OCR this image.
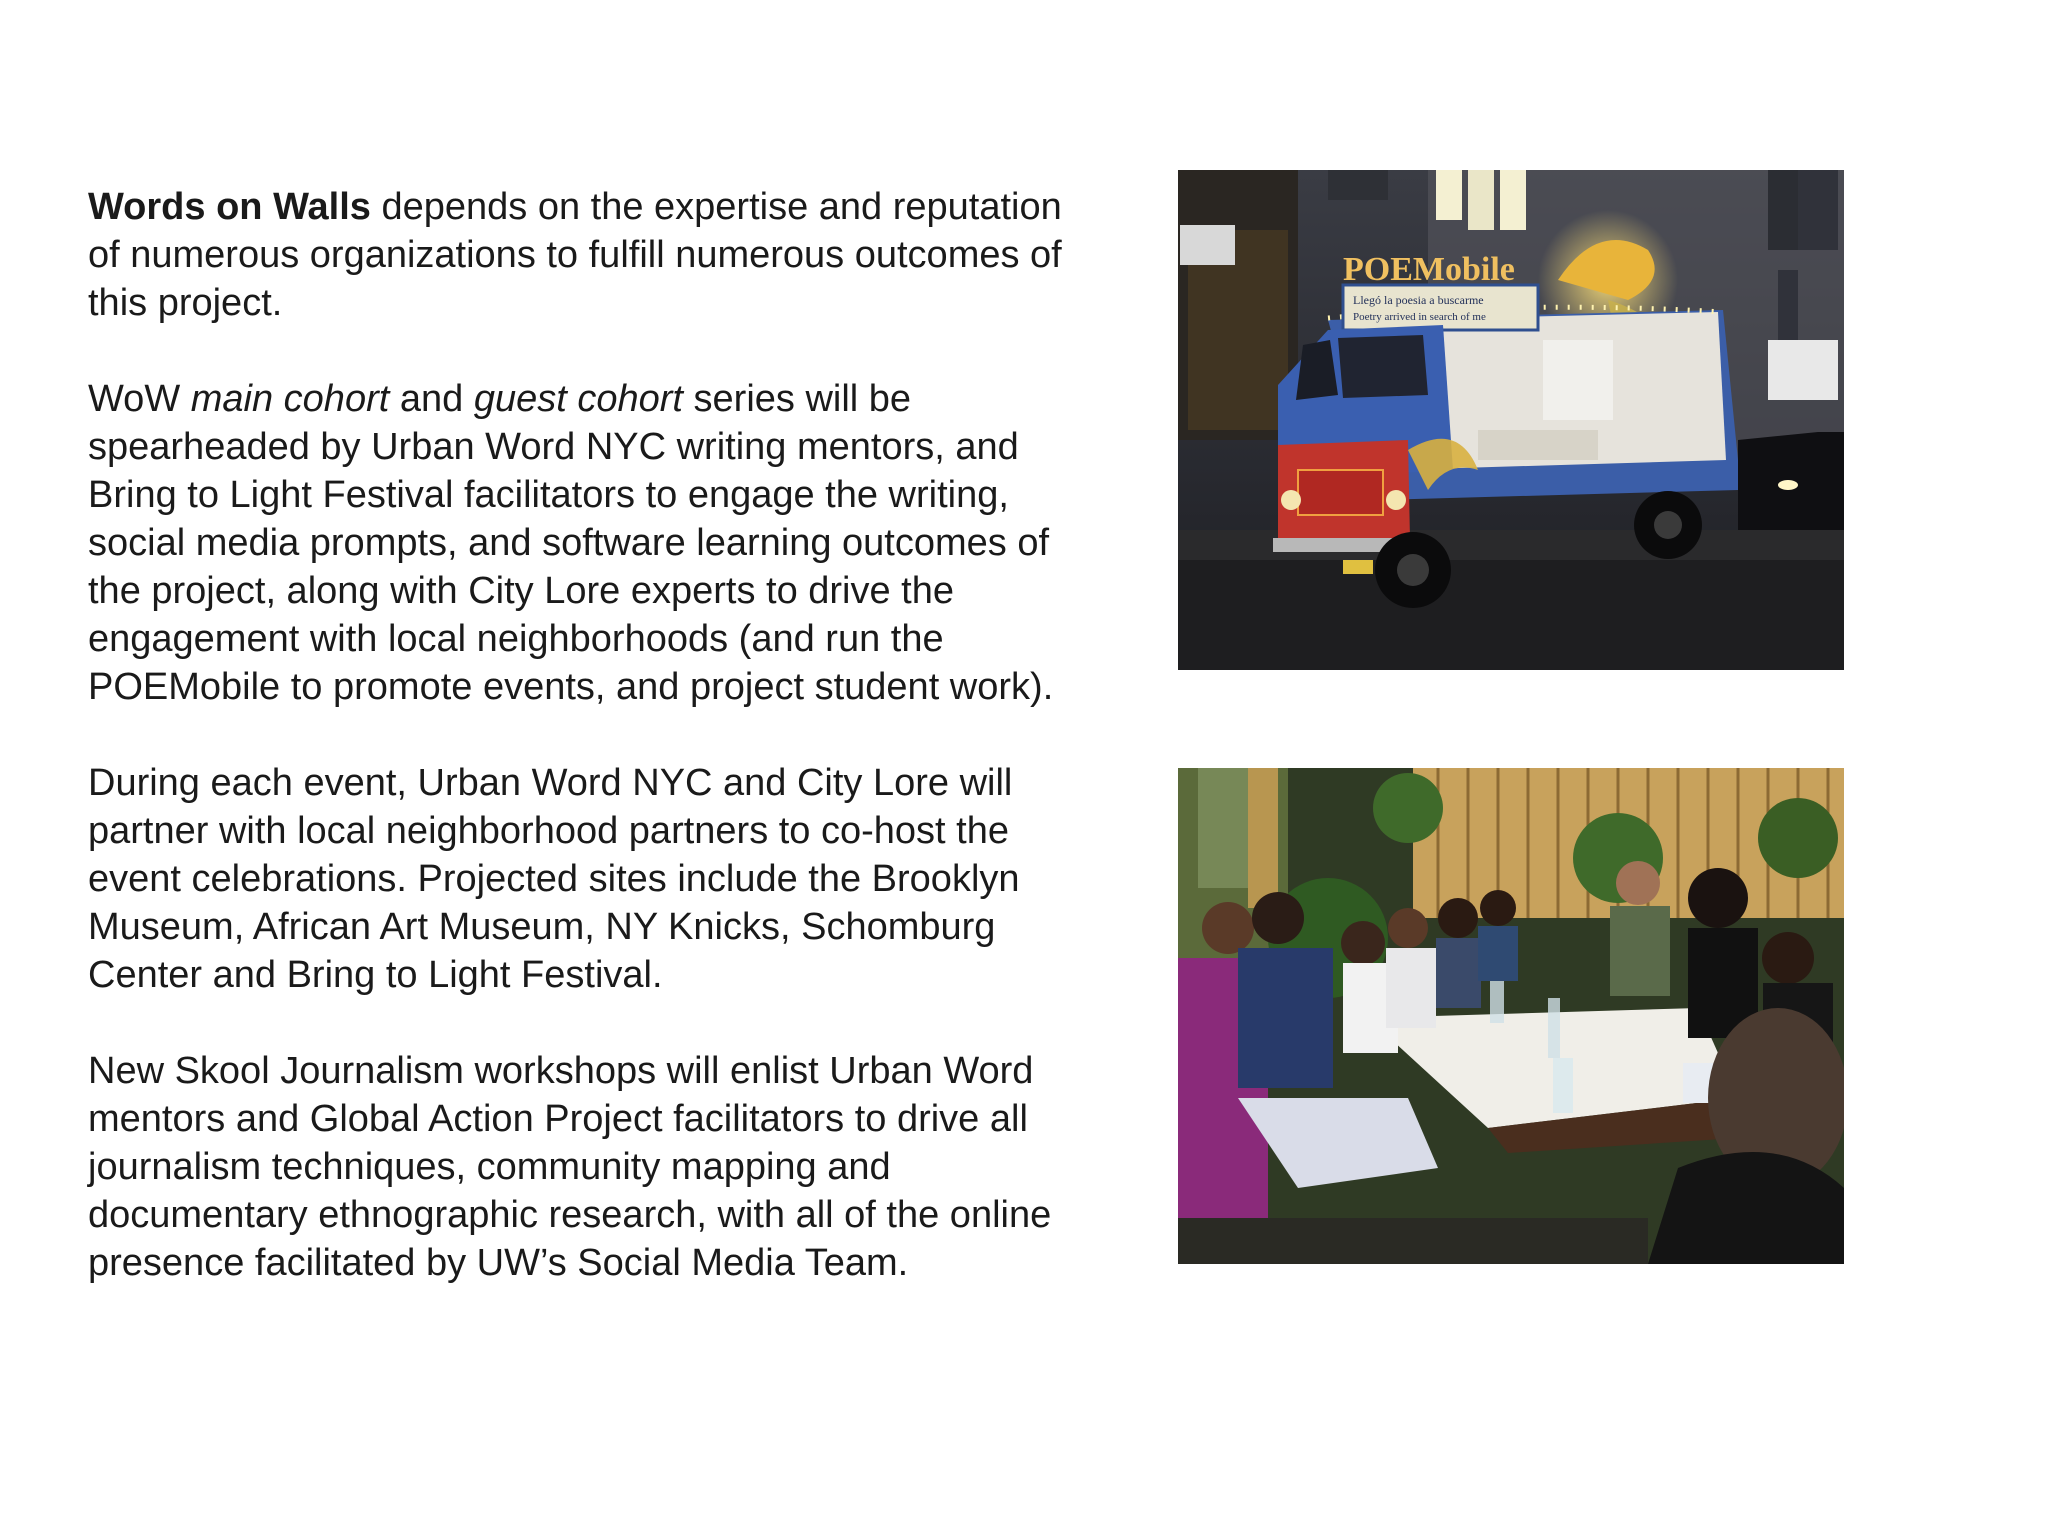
Words on Walls depends on the expertise and reputation of numerous organizations to fulfill numerous outcomes of this project.

WoW main cohort and guest cohort series will be spearheaded by Urban Word NYC writing mentors, and Bring to Light Festival facilitators to engage the writing, social media prompts, and software learning outcomes of the project, along with City Lore experts to drive the engagement with local neighborhoods (and run the POEMobile to promote events, and project student work).

During each event, Urban Word NYC and City Lore will partner with local neighborhood partners to co-host the event celebrations. Projected sites include the Brooklyn Museum, African Art Museum, NY Knicks, Schomburg Center and Bring to Light Festival.

New Skool Journalism workshops will enlist Urban Word mentors and Global Action Project facilitators to drive all journalism techniques, community mapping and documentary ethnographic research, with all of the online presence facilitated by UW’s Social Media Team.

Llegó la poesia a buscarme
Poetry arrived in search of me
POEMobile
